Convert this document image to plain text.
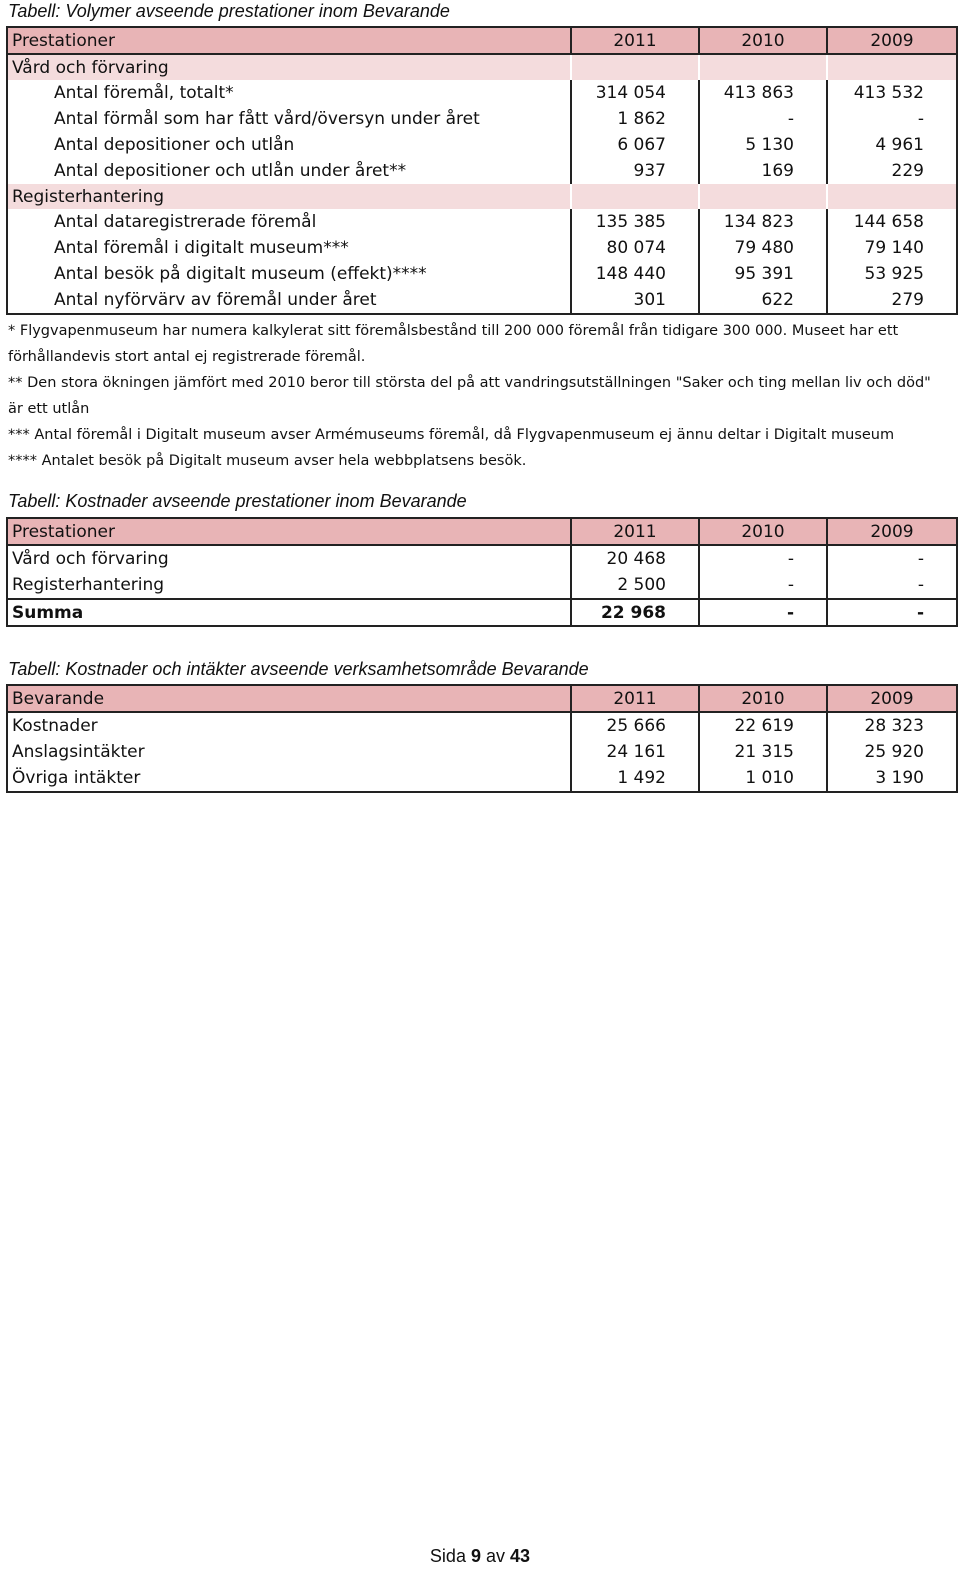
Tabell: Volymer avseende prestationer inom Bevarande
Prestationer	2011	2010	2009
Vård och förvaring			
Antal föremål, totalt*	314 054	413 863	413 532
Antal förmål som har fått vård/översyn under året	1 862	-	-
Antal depositioner och utlån	6 067	5 130	4 961
Antal depositioner och utlån under året**	937	169	229
Registerhantering			
Antal dataregistrerade föremål	135 385	134 823	144 658
Antal föremål i digitalt museum***	80 074	79 480	79 140
Antal besök på digitalt museum (effekt)****	148 440	95 391	53 925
Antal nyförvärv av föremål under året	301	622	279

* Flygvapenmuseum har numera kalkylerat sitt föremålsbestånd till 200 000 föremål från tidigare 300 000. Museet har ett förhållandevis stort antal ej registrerade föremål.

** Den stora ökningen jämfört med 2010 beror till största del på att vandringsutställningen "Saker och ting mellan liv och död" är ett utlån

*** Antal föremål i Digitalt museum avser Armémuseums föremål, då Flygvapenmuseum ej ännu deltar i Digitalt museum

**** Antalet besök på Digitalt museum avser hela webbplatsens besök.

Tabell: Kostnader avseende prestationer inom Bevarande
Prestationer	2011	2010	2009
Vård och förvaring	20 468	-	-
Registerhantering	2 500	-	-
Summa	22 968	-	-
Tabell: Kostnader och intäkter avseende verksamhetsområde Bevarande
Bevarande	2011	2010	2009
Kostnader	25 666	22 619	28 323
Anslagsintäkter	24 161	21 315	25 920
Övriga intäkter	1 492	1 010	3 190
Sida 9 av 43
